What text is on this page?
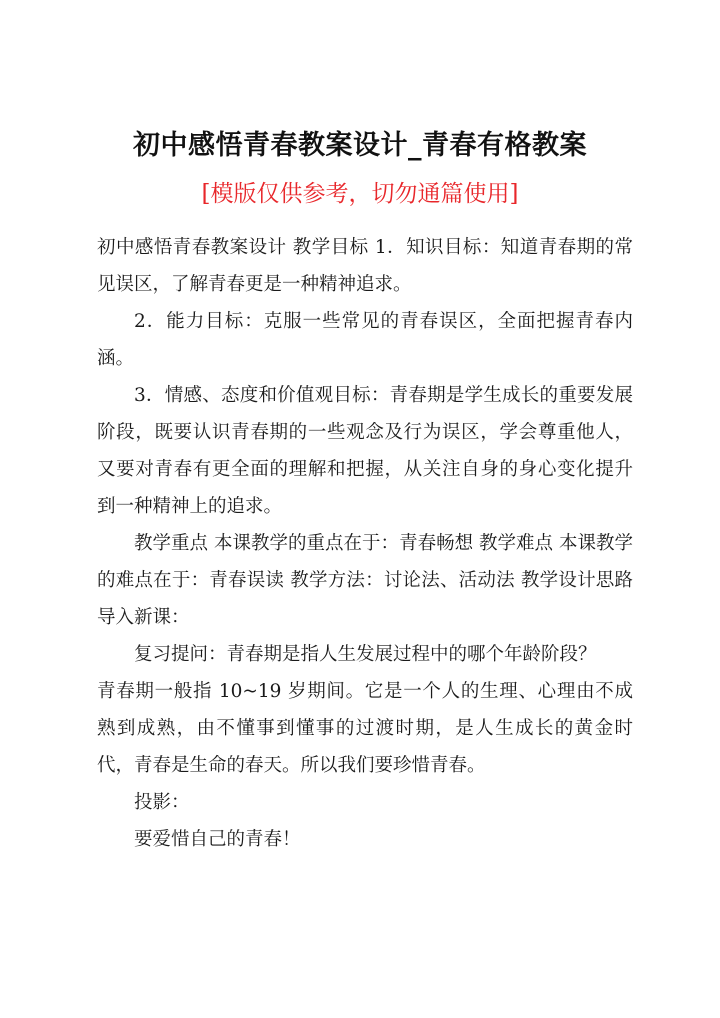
初中感悟青春教案设计_青春有格教案
[模版仅供参考，切勿通篇使用]

初中感悟青春教案设计 教学目标 1．知识目标：知道青春期的常见误区，了解青春更是一种精神追求。

2．能力目标：克服一些常见的青春误区，全面把握青春内涵。

3．情感、态度和价值观目标：青春期是学生成长的重要发展阶段，既要认识青春期的一些观念及行为误区，学会尊重他人，又要对青春有更全面的理解和把握，从关注自身的身心变化提升到一种精神上的追求。

教学重点 本课教学的重点在于：青春畅想 教学难点 本课教学的难点在于：青春误读 教学方法：讨论法、活动法 教学设计思路 导入新课：

复习提问：青春期是指人生发展过程中的哪个年龄阶段？

青春期一般指 10~19 岁期间。它是一个人的生理、心理由不成熟到成熟，由不懂事到懂事的过渡时期，是人生成长的黄金时代，青春是生命的春天。所以我们要珍惜青春。

投影：

要爱惜自己的青春！
